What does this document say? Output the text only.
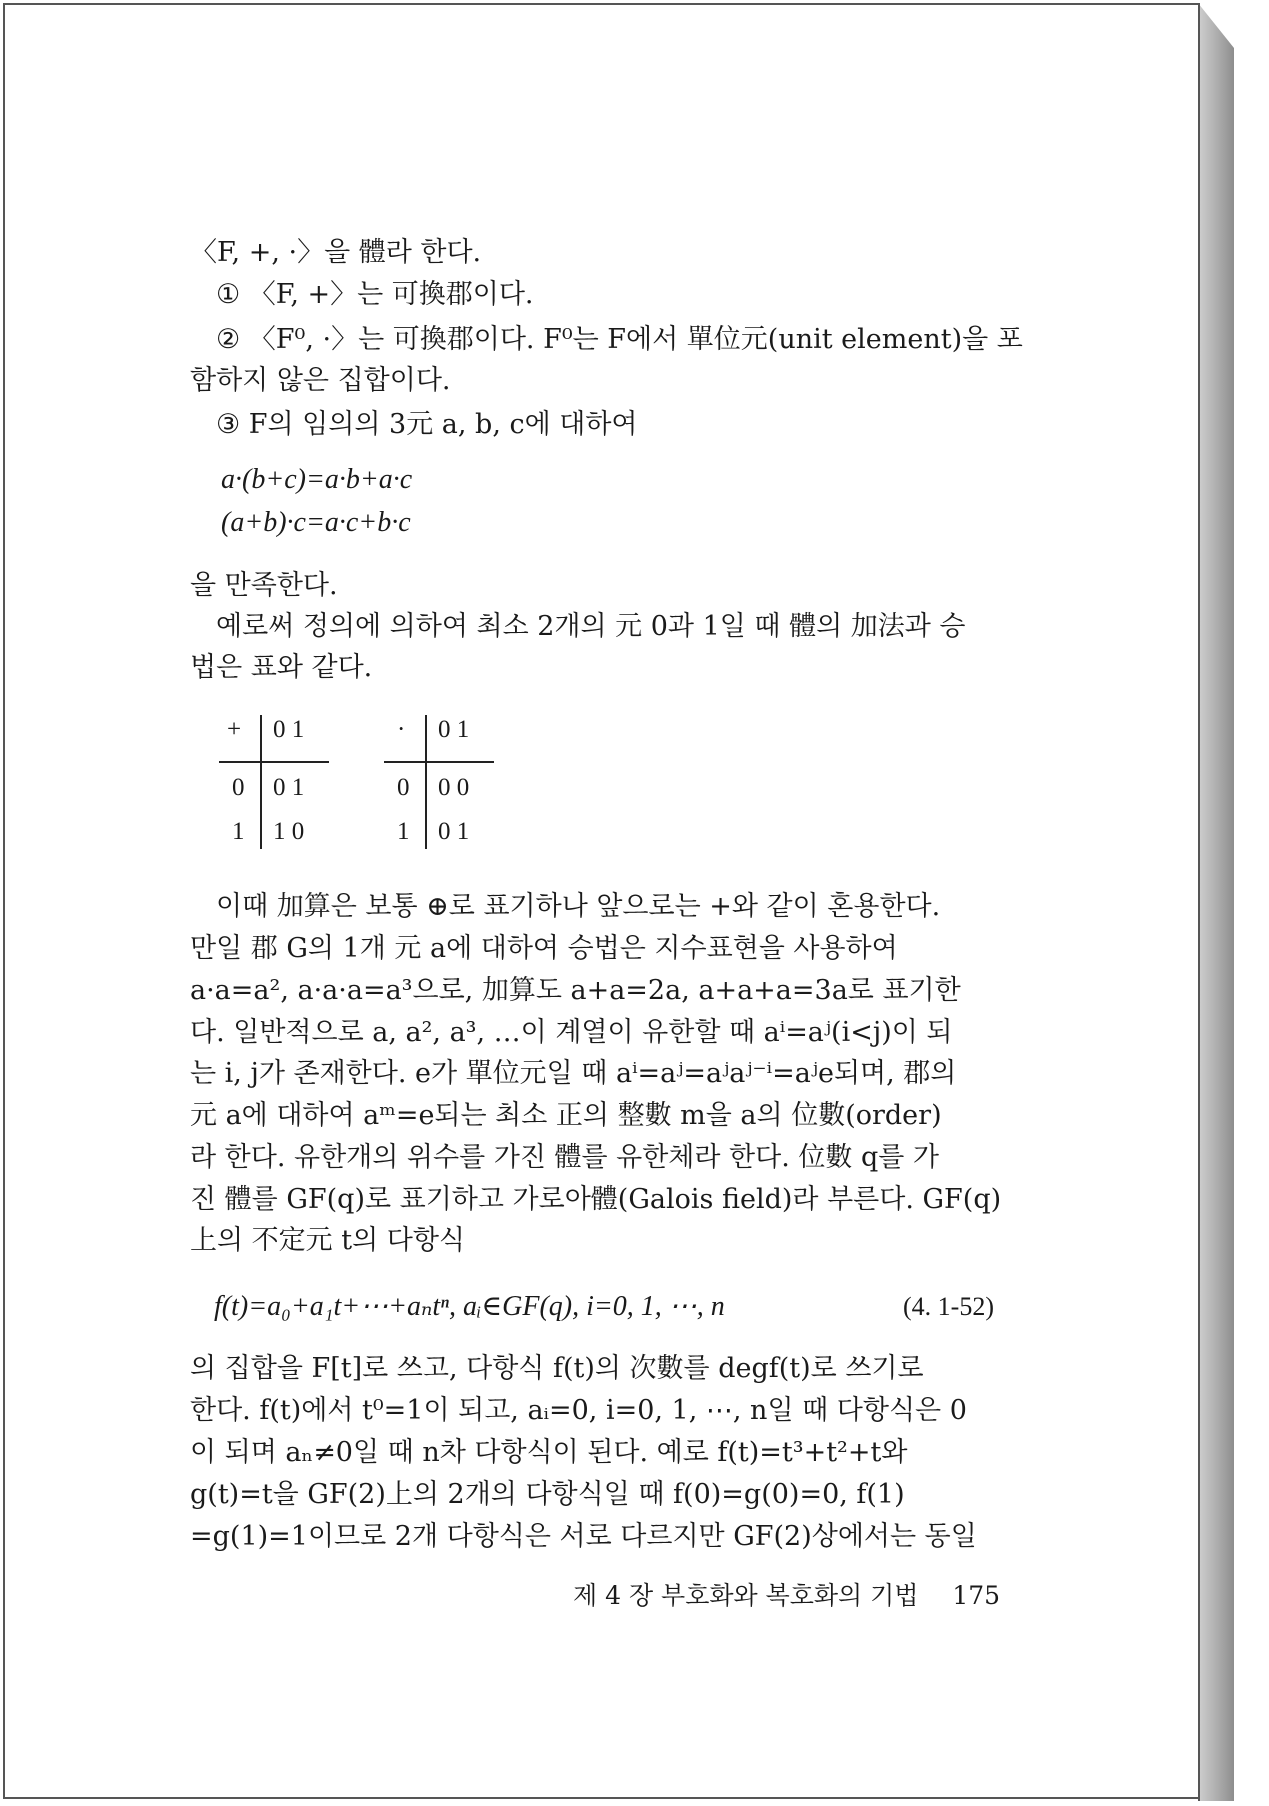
〈F, +, ·〉을 體라 한다.
① 〈F, +〉는 可換郡이다.
② 〈F⁰, ·〉는 可換郡이다. F⁰는 F에서 單位元(unit element)을 포
함하지 않은 집합이다.
③ F의 임의의 3元 a, b, c에 대하여
a·(b+c)=a·b+a·c
(a+b)·c=a·c+b·c
을 만족한다.
예로써 정의에 의하여 최소 2개의 元 0과 1일 때 體의 加法과 승
법은 표와 같다.
+ 0 1
0 0 1
1 1 0
· 0 1
0 0 0
1 0 1
이때 加算은 보통 ⊕로 표기하나 앞으로는 +와 같이 혼용한다.
만일 郡 G의 1개 元 a에 대하여 승법은 지수표현을 사용하여
a·a=a², a·a·a=a³으로, 加算도 a+a=2a, a+a+a=3a로 표기한
다. 일반적으로 a, a², a³, …이 계열이 유한할 때 aⁱ=aʲ(i<j)이 되
는 i, j가 존재한다. e가 單位元일 때 aⁱ=aʲ=aʲaʲ⁻ⁱ=aʲe되며, 郡의
元 a에 대하여 aᵐ=e되는 최소 正의 整數 m을 a의 位數(order)
라 한다. 유한개의 위수를 가진 體를 유한체라 한다. 位數 q를 가
진 體를 GF(q)로 표기하고 가로아體(Galois field)라 부른다. GF(q)
上의 不定元 t의 다항식
f(t)=a₀+a₁t+⋯+aₙtⁿ, aᵢ∈GF(q), i=0, 1, ⋯, n	(4. 1-52)
의 집합을 F[t]로 쓰고, 다항식 f(t)의 次數를 degf(t)로 쓰기로
한다. f(t)에서 t⁰=1이 되고, aᵢ=0, i=0, 1, ⋯, n일 때 다항식은 0
이 되며 aₙ≠0일 때 n차 다항식이 된다. 예로 f(t)=t³+t²+t와
g(t)=t을 GF(2)上의 2개의 다항식일 때 f(0)=g(0)=0, f(1)
=g(1)=1이므로 2개 다항식은 서로 다르지만 GF(2)상에서는 동일
제 4 장 부호화와 복호화의 기법 175
